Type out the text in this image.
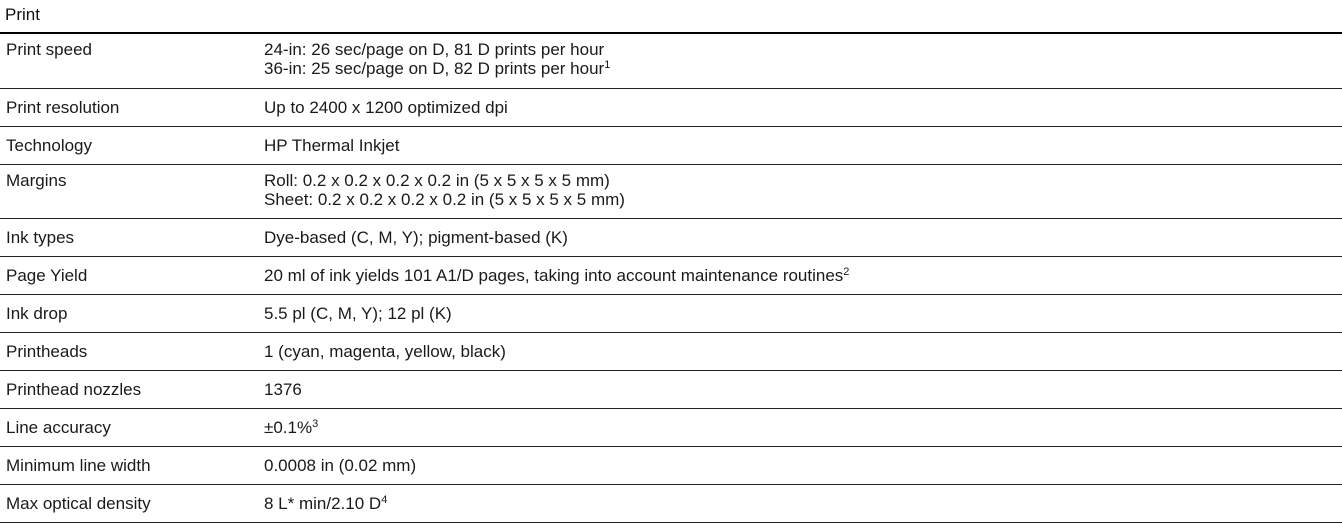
Print
Print speed	24-in: 26 sec/page on D, 81 D prints per hour
36-in: 25 sec/page on D, 82 D prints per hour$^1$

Print resolution	Up to 2400 x 1200 optimized dpi

Technology	HP Thermal Inkjet

Margins	Roll: 0.2 x 0.2 x 0.2 x 0.2 in (5 x 5 x 5 x 5 mm)
Sheet: 0.2 x 0.2 x 0.2 x 0.2 in (5 x 5 x 5 x 5 mm)

Ink types	Dye-based (C, M, Y); pigment-based (K)

Page Yield	20 ml of ink yields 101 A1/D pages, taking into account maintenance routines$^2$

Ink drop	5.5 pl (C, M, Y); 12 pl (K)

Printheads	1 (cyan, magenta, yellow, black)

Printhead nozzles	1376

Line accuracy	±0.1%$^3$

Minimum line width	0.0008 in (0.02 mm)

Max optical density	8 L* min/2.10 $D^4$
